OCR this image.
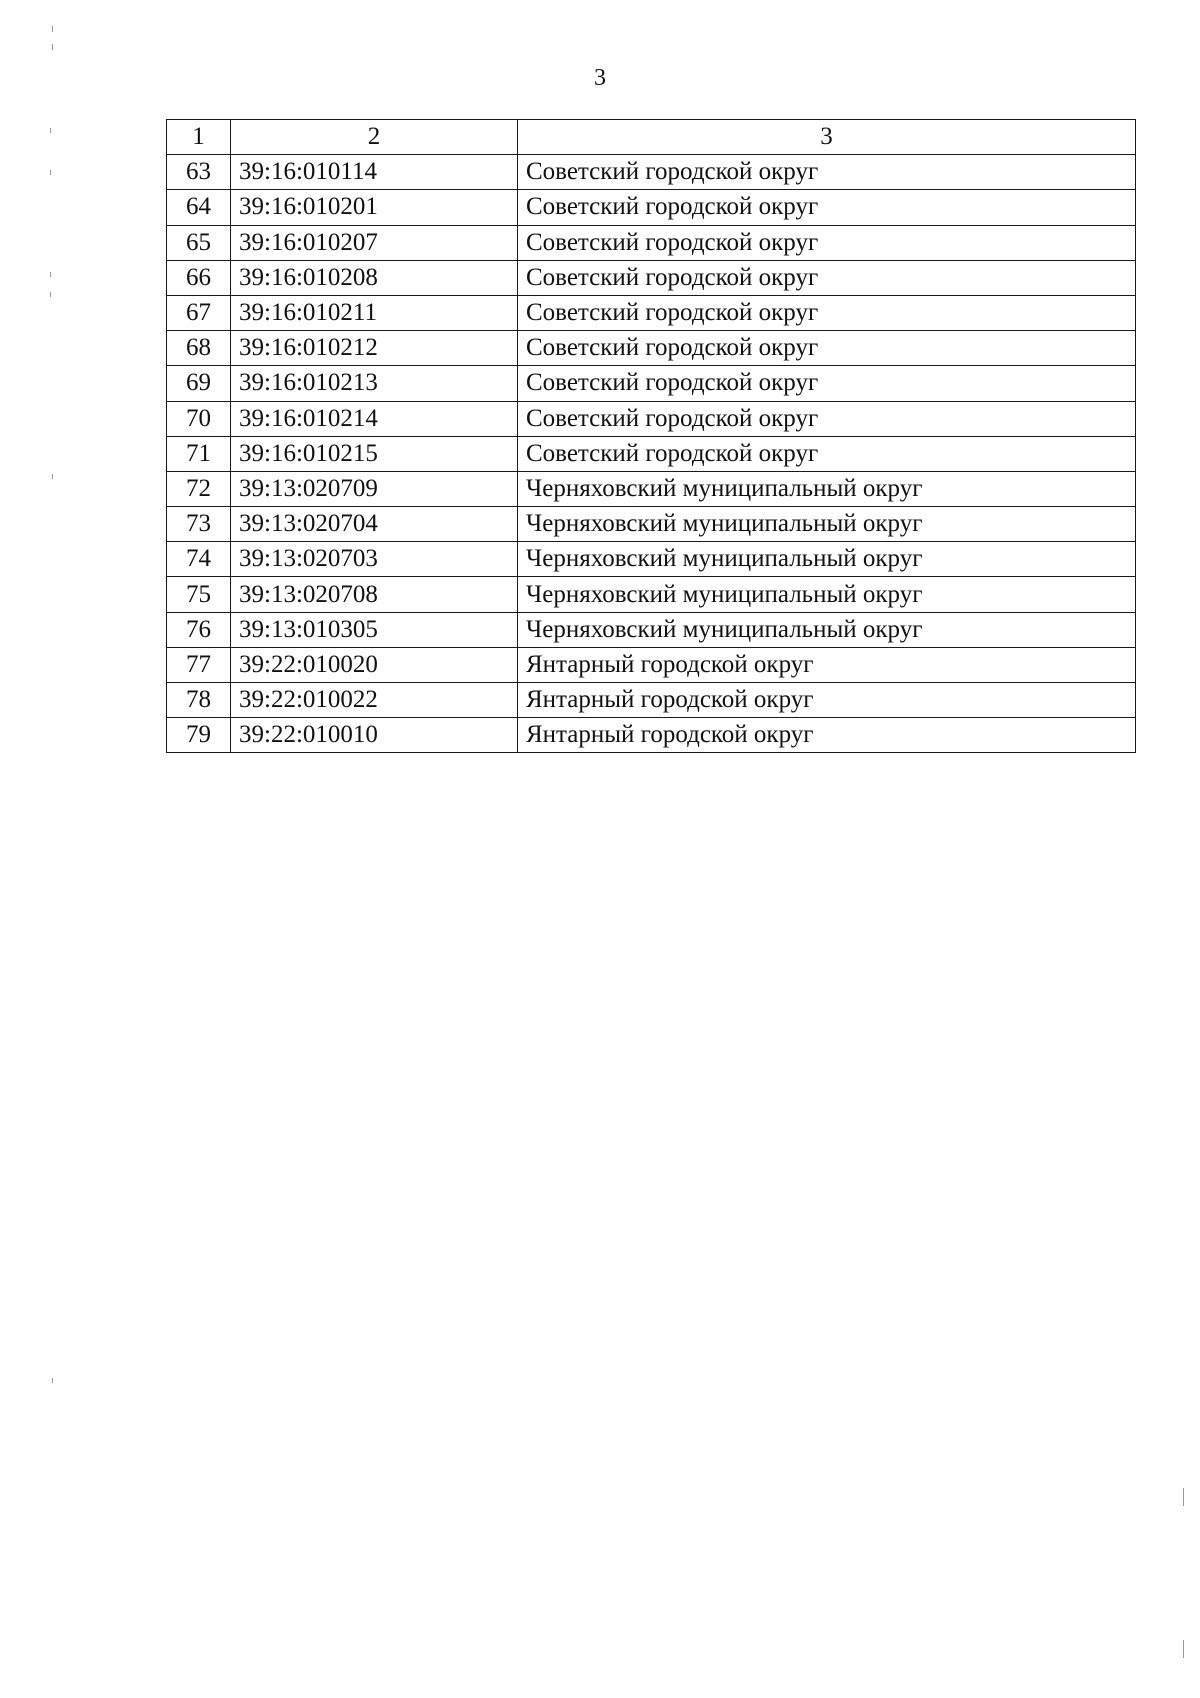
3
1	2	3
63	39:16:010114	Советский городской округ
64	39:16:010201	Советский городской округ
65	39:16:010207	Советский городской округ
66	39:16:010208	Советский городской округ
67	39:16:010211	Советский городской округ
68	39:16:010212	Советский городской округ
69	39:16:010213	Советский городской округ
70	39:16:010214	Советский городской округ
71	39:16:010215	Советский городской округ
72	39:13:020709	Черняховский муниципальный округ
73	39:13:020704	Черняховский муниципальный округ
74	39:13:020703	Черняховский муниципальный округ
75	39:13:020708	Черняховский муниципальный округ
76	39:13:010305	Черняховский муниципальный округ
77	39:22:010020	Янтарный городской округ
78	39:22:010022	Янтарный городской округ
79	39:22:010010	Янтарный городской округ
